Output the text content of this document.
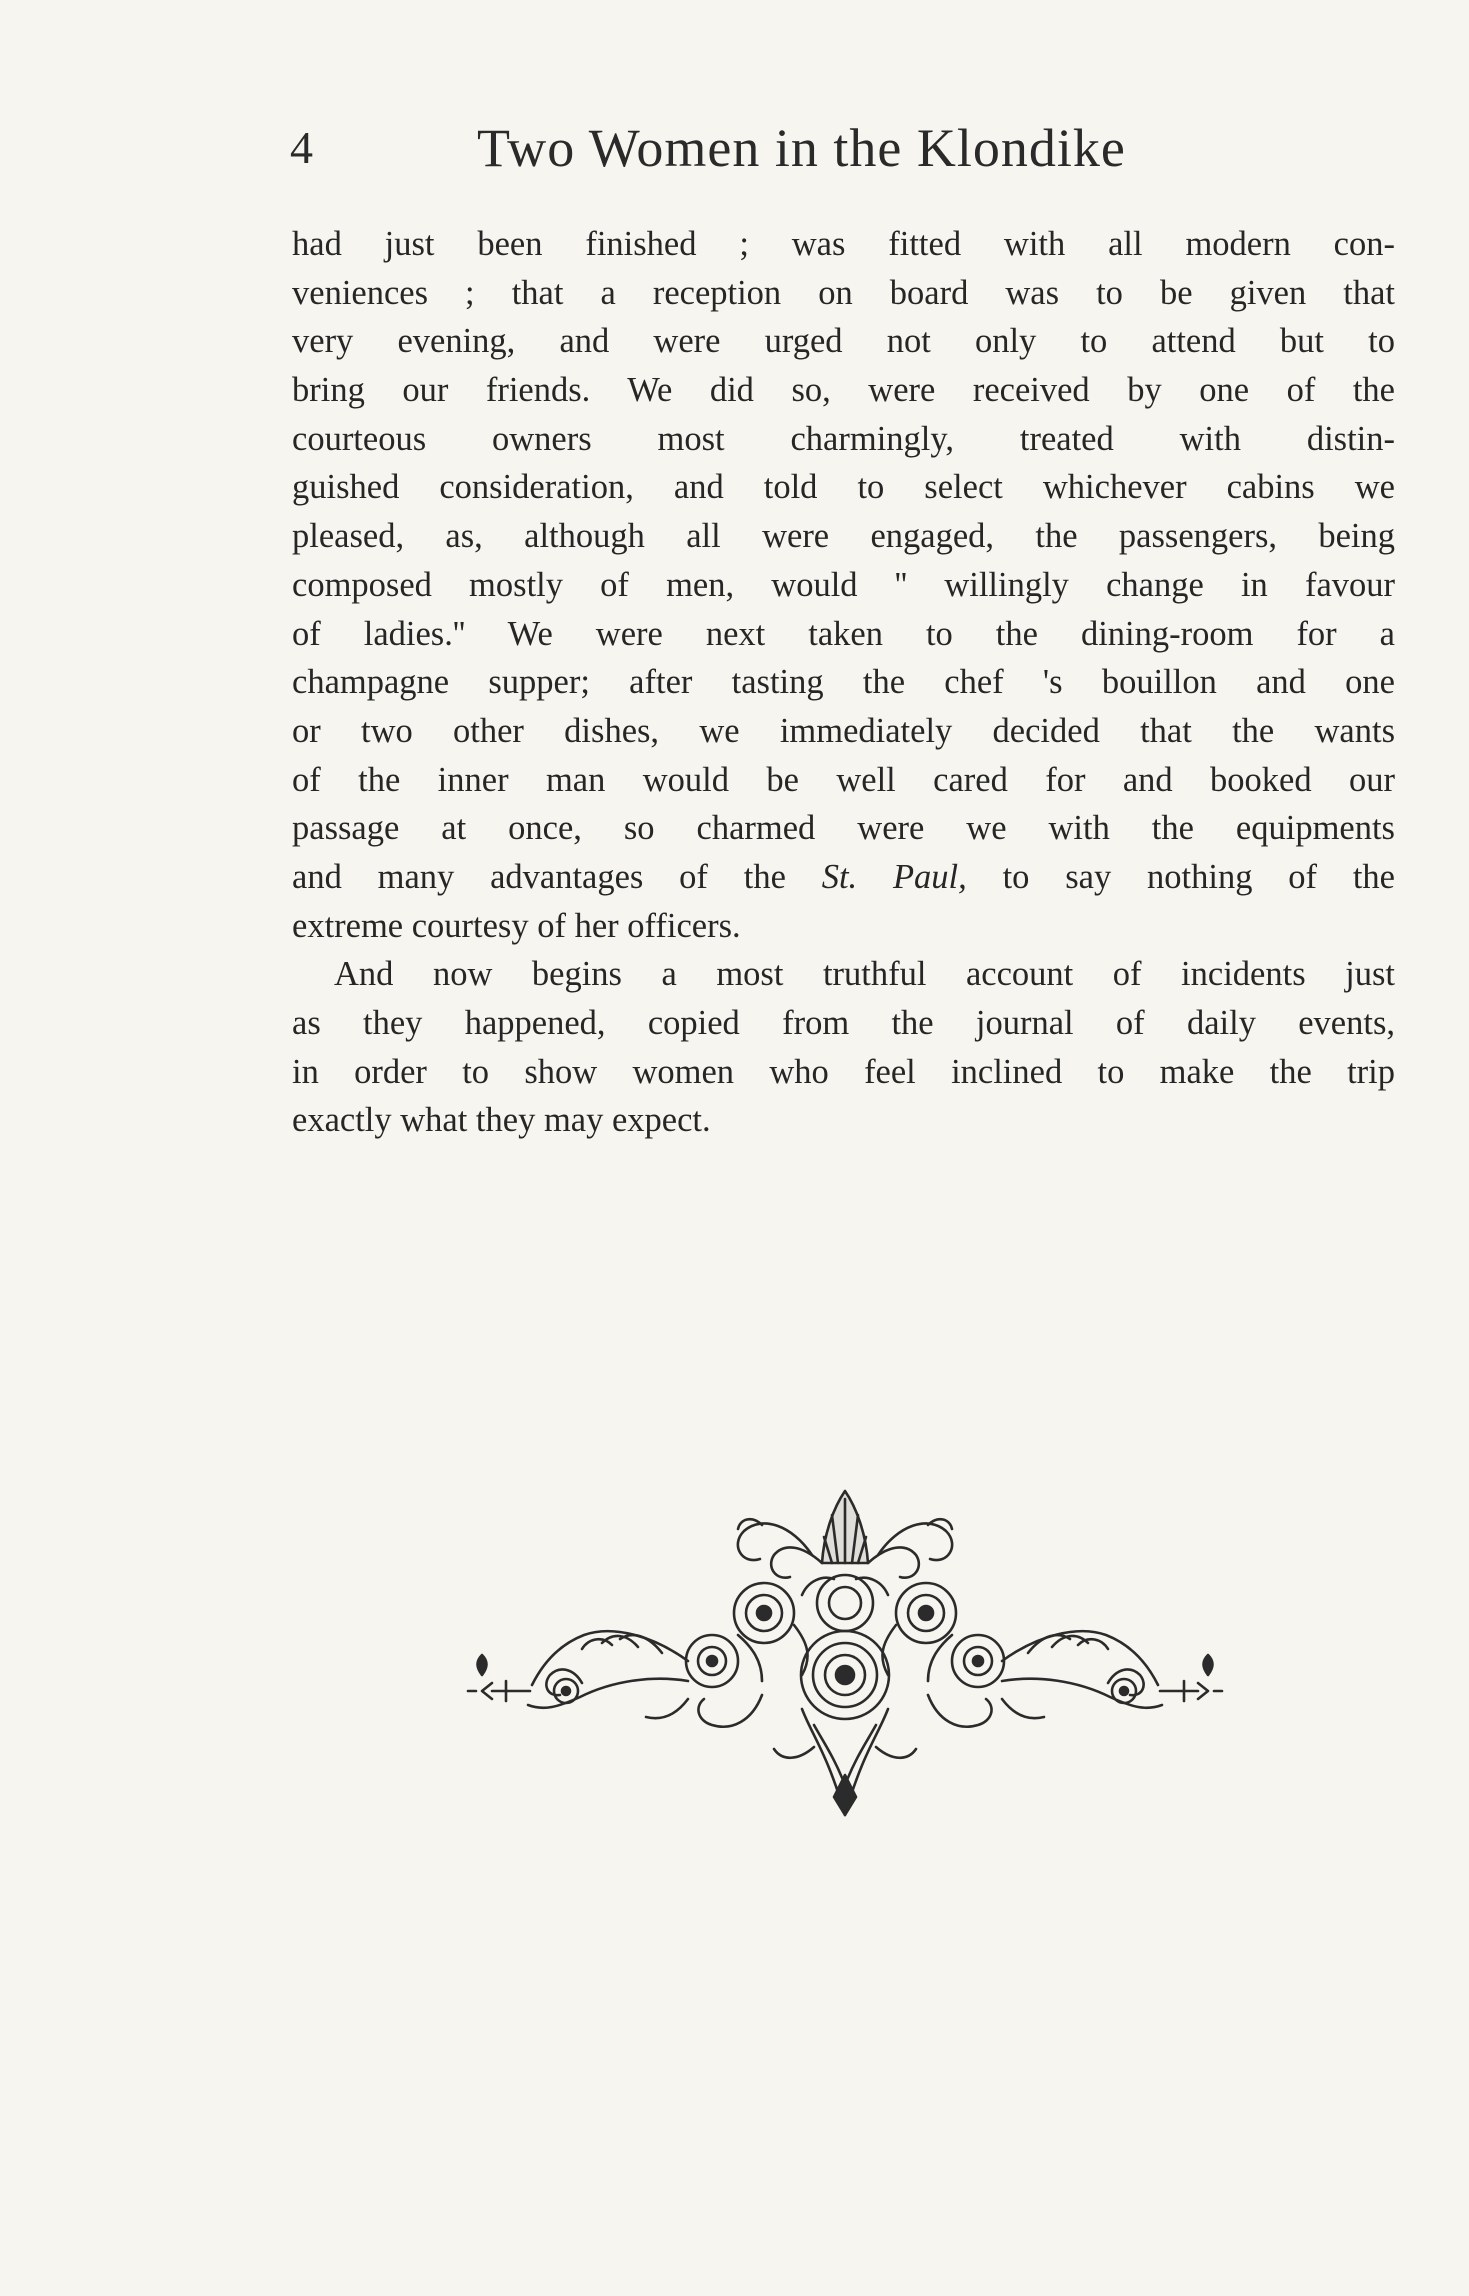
4	Two Women in the Klondike
had just been finished ; was fitted with all modern con-
veniences ; that a reception on board was to be given that
very evening, and were urged not only to attend but to
bring our friends. We did so, were received by one of the
courteous owners most charmingly, treated with distin-
guished consideration, and told to select whichever cabins we
pleased, as, although all were engaged, the passengers, being
composed mostly of men, would '' willingly change in favour
of ladies.'' We were next taken to the dining-room for a
champagne supper; after tasting the chef 's bouillon and one
or two other dishes, we immediately decided that the wants
of the inner man would be well cared for and booked our
passage at once, so charmed were we with the equipments
and many advantages of the St. Paul, to say nothing of the
extreme courtesy of her officers.
And now begins a most truthful account of incidents just
as they happened, copied from the journal of daily events,
in order to show women who feel inclined to make the trip
exactly what they may expect.
